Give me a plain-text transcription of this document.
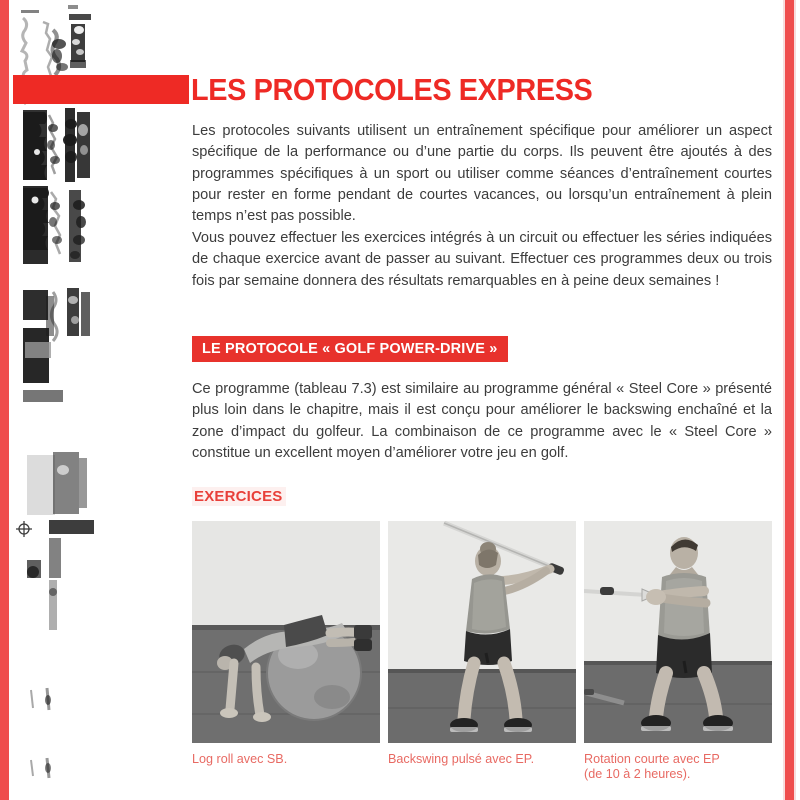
LES PROTOCOLES EXPRESS

Les protocoles suivants utilisent un entraînement spécifique pour améliorer un aspect spécifique de la performance ou d’une partie du corps. Ils peuvent être ajoutés à des programmes spécifiques à un sport ou utiliser comme séances d’entraînement courtes pour rester en forme pendant de courtes vacances, ou lorsqu’un entraînement à plein temps n’est pas possible.

Vous pouvez effectuer les exercices intégrés à un circuit ou effectuer les séries indiquées de chaque exercice avant de passer au suivant. Effectuer ces programmes deux ou trois fois par semaine donnera des résultats remarquables en à peine deux semaines !

LE PROTOCOLE « GOLF POWER-DRIVE »

Ce programme (tableau 7.3) est similaire au programme général « Steel Core » présenté plus loin dans le chapitre, mais il est conçu pour améliorer le backswing enchaîné et la zone d’impact du golfeur. La combinaison de ce programme avec le « Steel Core » constitue un excellent moyen d’améliorer votre jeu en golf.

EXERCICES
Log roll avec SB.	Backswing pulsé avec EP.	Rotation courte avec EP
(de 10 à 2 heures).
